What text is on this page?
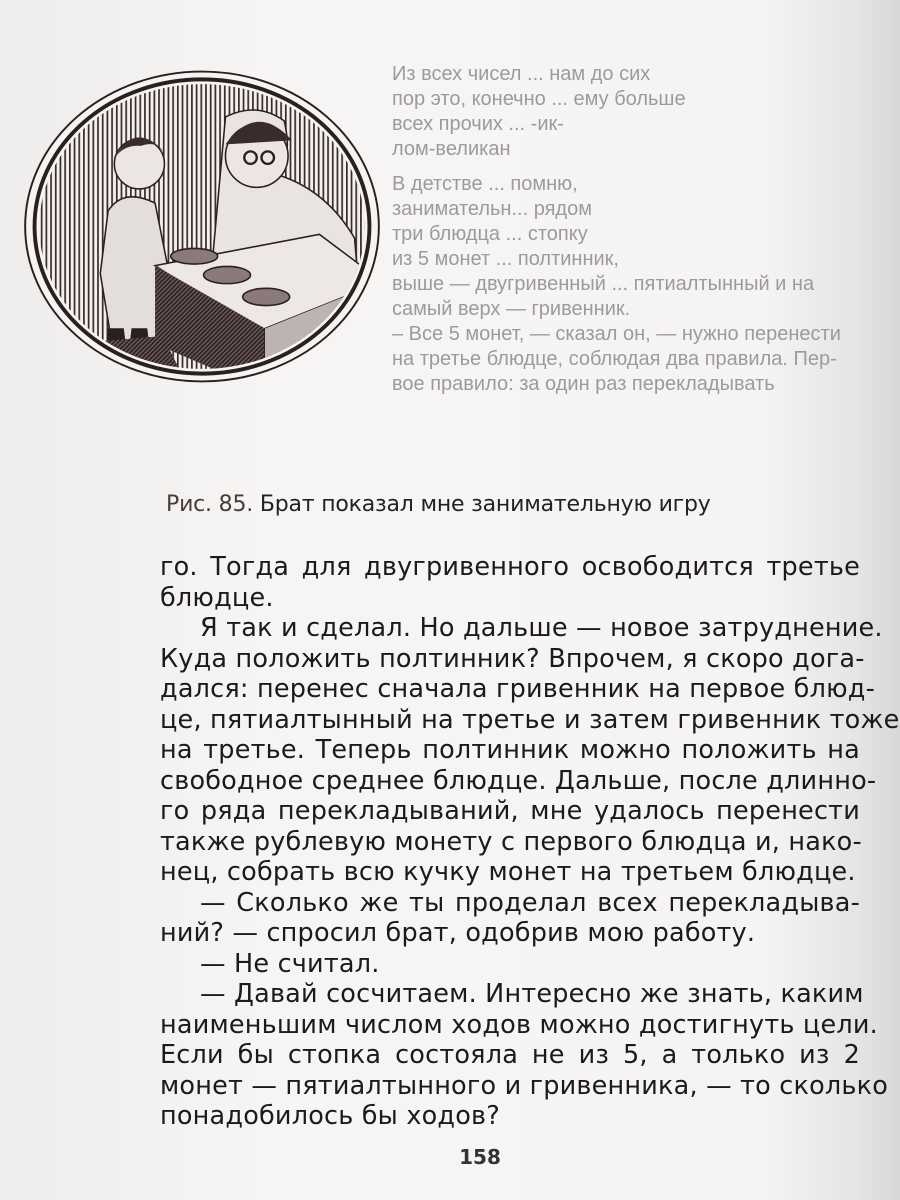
Из всех чисел ... нам до сих
пор это, конечно ... ему больше
всех прочих ... -ик-
лом-великан
В детстве ... помню,
занимательн... рядом
три блюдца ... стопку
из 5 монет ... полтинник,
выше — двугривенный ... пятиалтынный и на
самый верх — гривенник.
– Все 5 монет, — сказал он, — нужно перенести
на третье блюдце, соблюдая два правила. Пер-
вое правило: за один раз перекладывать
Рис. 85. Брат показал мне занимательную игру
го. Тогда для двугривенного освободится третье
блюдце.
Я так и сделал. Но дальше — новое затруднение.
Куда положить полтинник? Впрочем, я скоро дога-
дался: перенес сначала гривенник на первое блюд-
це, пятиалтынный на третье и затем гривенник тоже
на третье. Теперь полтинник можно положить на
свободное среднее блюдце. Дальше, после длинно-
го ряда перекладываний, мне удалось перенести
также рублевую монету с первого блюдца и, нако-
нец, собрать всю кучку монет на третьем блюдце.
— Сколько же ты проделал всех перекладыва-
ний? — спросил брат, одобрив мою работу.
— Не считал.
— Давай сосчитаем. Интересно же знать, каким
наименьшим числом ходов можно достигнуть цели.
Если бы стопка состояла не из 5, а только из 2
монет — пятиалтынного и гривенника, — то сколько
понадобилось бы ходов?
158
